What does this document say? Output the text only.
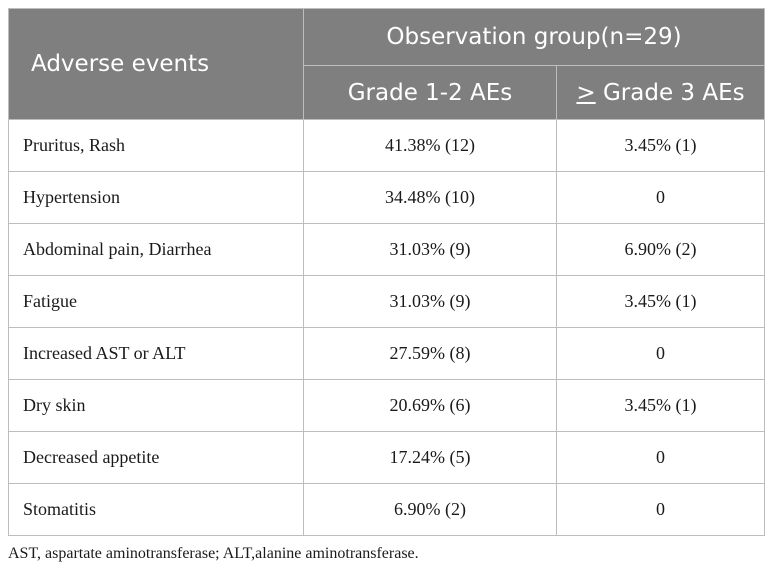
Adverse events	Observation group(n=29)	
	Grade 1-2 AEs	> Grade 3 AEs
Pruritus, Rash	41.38% (12)	3.45% (1)
Hypertension	34.48% (10)	0
Abdominal pain, Diarrhea	31.03% (9)	6.90% (2)
Fatigue	31.03% (9)	3.45% (1)
Increased AST or ALT	27.59% (8)	0
Dry skin	20.69% (6)	3.45% (1)
Decreased appetite	17.24% (5)	0
Stomatitis	6.90% (2)	0
AST, aspartate aminotransferase; ALT,alanine aminotransferase.
